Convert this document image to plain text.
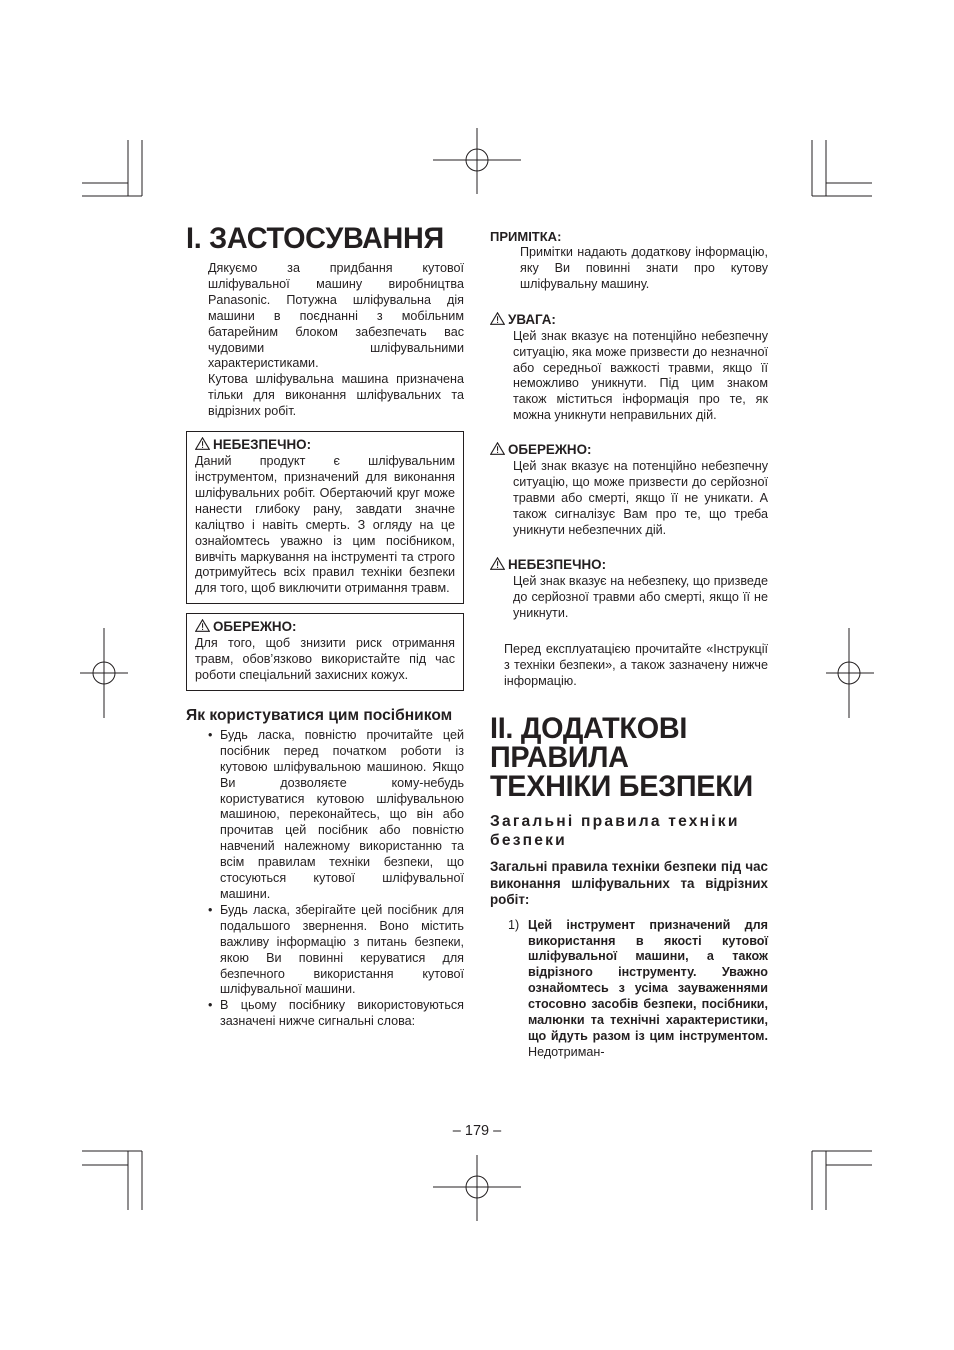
I. ЗАСТОСУВАННЯ

Дякуємо за придбання кутової шліфувальної машину виробництва Panasonic. Потужна шліфувальна дія машини в поєднанні з мобільним батарейним блоком забезпечать вас чудовими шліфувальними характеристиками.

Кутова шліфувальна машина призначена тільки для виконання шліфувальних та відрізних робіт.

НЕБЕЗПЕЧНО:

Даний продукт є шліфувальним інструментом, призначений для виконання шліфувальних робіт. Обертаючий круг може нанести глибоку рану, завдати значне каліцтво і навіть смерть. З огляду на це ознайомтесь уважно із цим посібником, вивчіть маркування на інструменті та строго дотримуйтесь всіх правил техніки безпеки для того, щоб виключити отримання травм.

ОБЕРЕЖНО:

Для того, щоб знизити риск отримання травм, обов’язково використайте під час роботи спеціальний захисних кожух.

Як користуватися цим посібником
• Будь ласка, повністю прочитайте цей посібник перед початком роботи із кутовою шліфувальною машиною. Якщо Ви дозволяєте кому-небудь користуватися кутовою шліфувальною машиною, переконайтесь, що він або прочитав цей посібник або повністю навчений належному використанню та всім правилам техніки безпеки, що стосуються кутової шліфувальної машини.
• Будь ласка, зберігайте цей посібник для подальшого звернення. Воно містить важливу інформацію з питань безпеки, якою Ви повинні керуватися для безпечного використання кутової шліфувальної машини.
• В цьому посібнику використовуються зазначені нижче сигнальні слова:
ПРИМІТКА:

Примітки надають додаткову інформацію, яку Ви повинні знати про кутову шліфувальну машину.

УВАГА:

Цей знак вказує на потенційно небезпечну ситуацію, яка може призвести до незначної або середньої важкості травми, якщо її неможливо уникнути. Під цим знаком також міститься інформація про те, як можна уникнути неправильних дій.

ОБЕРЕЖНО:

Цей знак вказує на потенційно небезпечну ситуацію, що може призвести до серйозної травми або смерті, якщо її не уникати. А також сигналізує Вам про те, що треба уникнути небезпечних дій.

НЕБЕЗПЕЧНО:

Цей знак вказує на небезпеку, що призведе до серйозної травми або смерті, якщо її не уникнути.

Перед експлуатацією прочитайте «Інструкції з техніки безпеки», а також зазначену нижче інформацію.

II. ДОДАТКОВІ ПРАВИЛА ТЕХНІКИ БЕЗПЕКИ
Загальні правила техніки безпеки
Загальні правила техніки безпеки під час виконання шліфувальних та відрізних робіт:
1) Цей інструмент призначений для використання в якості кутової шліфувальної машини, а також відрізного інструменту. Уважно ознайомтесь з усіма зауваженнями стосовно засобів безпеки, посібники, малюнки та технічні характеристики, що йдуть разом із цим інструментом. Недотриман-
– 179 –
